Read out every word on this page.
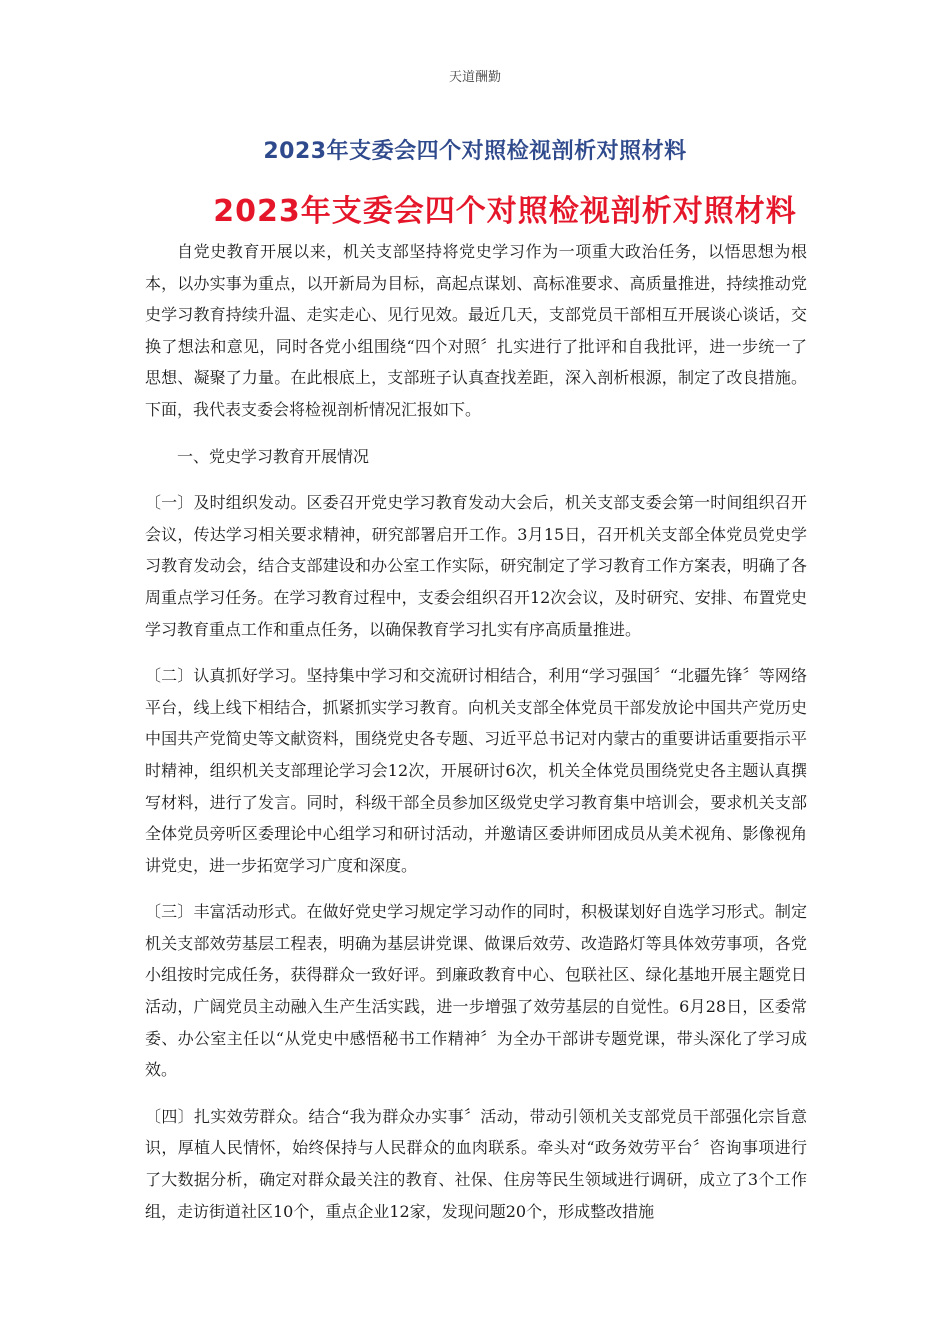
天道酬勤
2023年支委会四个对照检视剖析对照材料
2023年支委会四个对照检视剖析对照材料

自党史教育开展以来，机关支部坚持将党史学习作为一项重大政治任务，以悟思想为根本，以办实事为重点，以开新局为目标，高起点谋划、高标准要求、高质量推进，持续推动党史学习教育持续升温、走实走心、见行见效。最近几天，支部党员干部相互开展谈心谈话，交换了想法和意见，同时各党小组围绕“四个对照〞扎实进行了批评和自我批评，进一步统一了思想、凝聚了力量。在此根底上，支部班子认真查找差距，深入剖析根源，制定了改良措施。下面，我代表支委会将检视剖析情况汇报如下。

一、党史学习教育开展情况

〔一〕及时组织发动。区委召开党史学习教育发动大会后，机关支部支委会第一时间组织召开会议，传达学习相关要求精神，研究部署启开工作。3月15日，召开机关支部全体党员党史学习教育发动会，结合支部建设和办公室工作实际，研究制定了学习教育工作方案表，明确了各周重点学习任务。在学习教育过程中，支委会组织召开12次会议，及时研究、安排、布置党史学习教育重点工作和重点任务，以确保教育学习扎实有序高质量推进。

〔二〕认真抓好学习。坚持集中学习和交流研讨相结合，利用“学习强国〞“北疆先锋〞等网络平台，线上线下相结合，抓紧抓实学习教育。向机关支部全体党员干部发放论中国共产党历史中国共产党简史等文献资料，围绕党史各专题、习近平总书记对内蒙古的重要讲话重要指示平时精神，组织机关支部理论学习会12次，开展研讨6次，机关全体党员围绕党史各主题认真撰写材料，进行了发言。同时，科级干部全员参加区级党史学习教育集中培训会，要求机关支部全体党员旁听区委理论中心组学习和研讨活动，并邀请区委讲师团成员从美术视角、影像视角讲党史，进一步拓宽学习广度和深度。

〔三〕丰富活动形式。在做好党史学习规定学习动作的同时，积极谋划好自选学习形式。制定机关支部效劳基层工程表，明确为基层讲党课、做课后效劳、改造路灯等具体效劳事项，各党小组按时完成任务，获得群众一致好评。到廉政教育中心、包联社区、绿化基地开展主题党日活动，广阔党员主动融入生产生活实践，进一步增强了效劳基层的自觉性。6月28日，区委常委、办公室主任以“从党史中感悟秘书工作精神〞为全办干部讲专题党课，带头深化了学习成效。

〔四〕扎实效劳群众。结合“我为群众办实事〞活动，带动引领机关支部党员干部强化宗旨意识，厚植人民情怀，始终保持与人民群众的血肉联系。牵头对“政务效劳平台〞咨询事项进行了大数据分析，确定对群众最关注的教育、社保、住房等民生领域进行调研，成立了3个工作组，走访街道社区10个，重点企业12家，发现问题20个，形成整改措施
